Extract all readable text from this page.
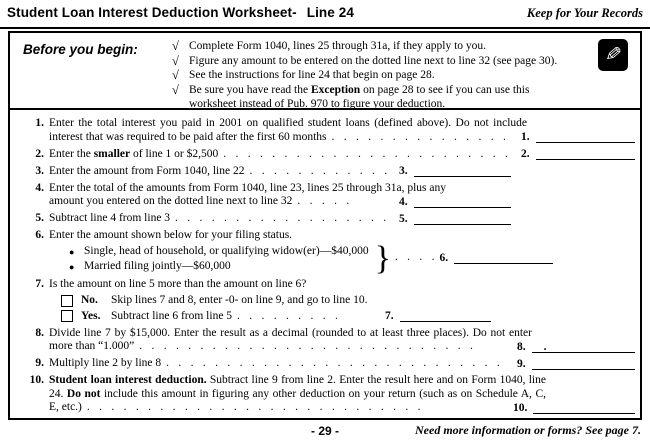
Student Loan Interest Deduction Worksheet- Line 24	Keep for Your Records
Before you begin:	√ Complete Form 1040, lines 25 through 31a, if they apply to you.
√ Figure any amount to be entered on the dotted line next to line 32 (see page 30).
√ See the instructions for line 24 that begin on page 28.
√ Be sure you have read the Exception on page 28 to see if you can use this worksheet instead of Pub. 970 to figure your deduction.
✎
1. Enter the total interest you paid in 2001 on qualified student loans (defined above). Do not include interest that was required to be paid after the first 60 months . . . . . . . . . . . . . . .	1.
2. Enter the smaller of line 1 or $2,500 . . . . . . . . . . . . . . . . . . . . . . . .	2.
3. Enter the amount from Form 1040, line 22 . . . . . . . . . . . .	3.
4. Enter the total of the amounts from Form 1040, line 23, lines 25 through 31a, plus any amount you entered on the dotted line next to line 32 . . . . .	4.
5. Subtract line 4 from line 3 . . . . . . . . . . . . . . . . . .	5.
6. Enter the amount shown below for your filing status.
● Single, head of household, or qualifying widow(er)—$40,000
● Married filing jointly—$60,000	} . . . . 6.
7. Is the amount on line 5 more than the amount on line 6?
No.	Skip lines 7 and 8, enter -0- on line 9, and go to line 10.
Yes. Subtract line 6 from line 5 . . . . . . . . .	7.
8. Divide line 7 by $15,000. Enter the result as a decimal (rounded to at least three places). Do not enter more than “1.000” . . . . . . . . . . . . . . . . . . . . . . . . . . . .	8. .
9. Multiply line 2 by line 8 . . . . . . . . . . . . . . . . . . . . . . . . . . . .	9.
10. Student loan interest deduction. Subtract line 9 from line 2. Enter the result here and on Form 1040, line 24. Do not include this amount in figuring any other deduction on your return (such as on Schedule A, C, E, etc.) . . . . . . . . . . . . . . . . . . . . . . . . . . . .	10.
- 29 -	Need more information or forms? See page 7.
